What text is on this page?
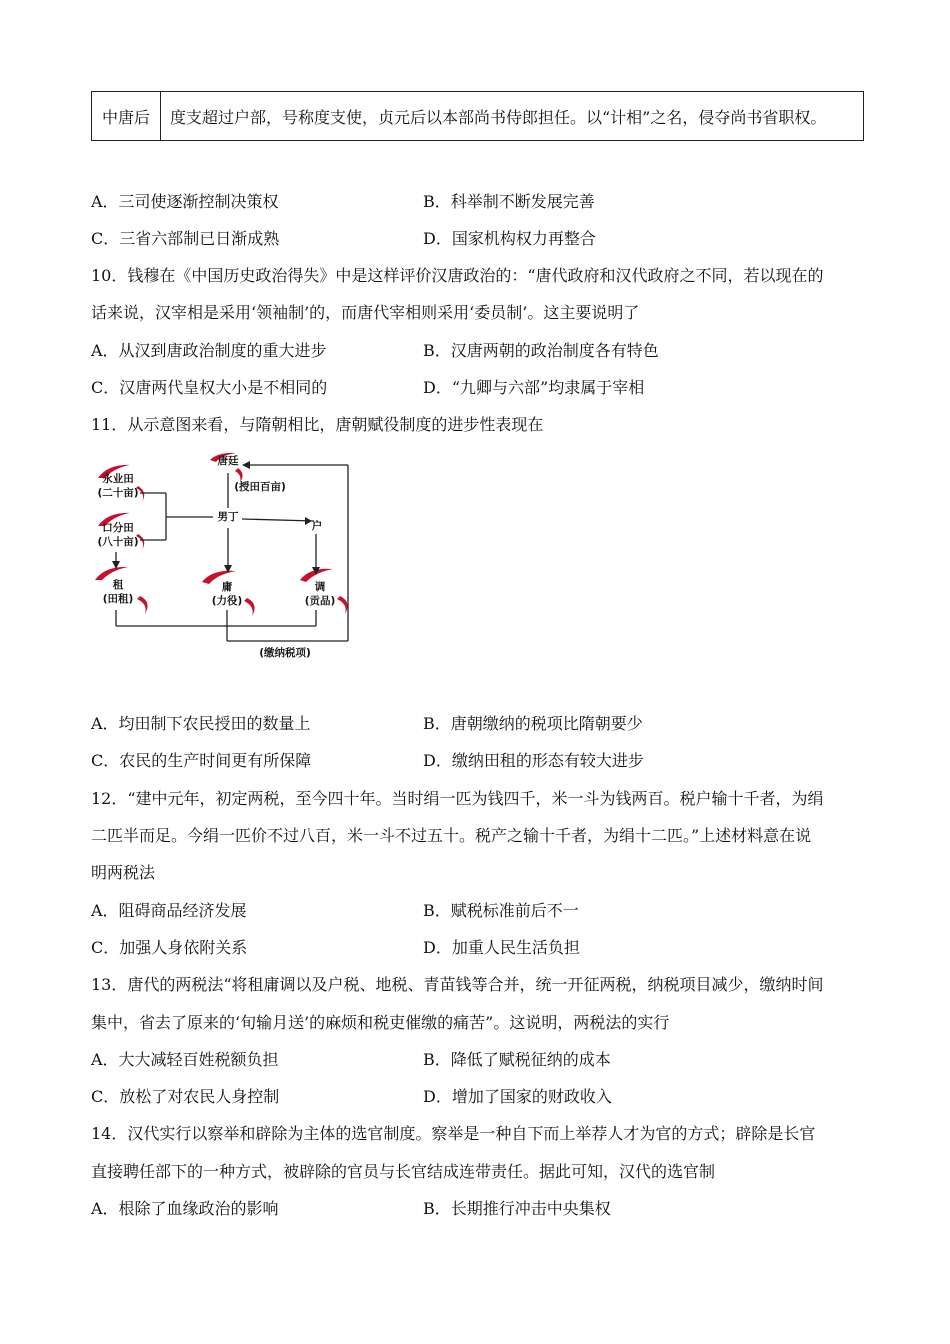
中唐后	度支超过户部，号称度支使，贞元后以本部尚书侍郎担任。以“计相”之名，侵夺尚书省职权。
A．三司使逐渐控制决策权	B．科举制不断发展完善
C．三省六部制已日渐成熟	D．国家机构权力再整合
10．钱穆在《中国历史政治得失》中是这样评价汉唐政治的：“唐代政府和汉代政府之不同，若以现在的
话来说，汉宰相是采用‘领袖制’的，而唐代宰相则采用‘委员制’。这主要说明了
A．从汉到唐政治制度的重大进步	B．汉唐两朝的政治制度各有特色
C．汉唐两代皇权大小是不相同的	D．“九卿与六部”均隶属于宰相
11．从示意图来看，与隋朝相比，唐朝赋役制度的进步性表现在
唐廷
(授田百亩)
永业田
(二十亩)
口分田
(八十亩)
男丁
户
租
(田租)
庸
(力役)
调
(贡品)
(缴纳税项)
A．均田制下农民授田的数量上	B．唐朝缴纳的税项比隋朝要少
C．农民的生产时间更有所保障	D．缴纳田租的形态有较大进步
12．“建中元年，初定两税，至今四十年。当时绢一匹为钱四千，米一斗为钱两百。税户输十千者，为绢
二匹半而足。今绢一匹价不过八百，米一斗不过五十。税产之输十千者，为绢十二匹。”上述材料意在说
明两税法
A．阻碍商品经济发展	B．赋税标准前后不一
C．加强人身依附关系	D．加重人民生活负担
13．唐代的两税法“将租庸调以及户税、地税、青苗钱等合并，统一开征两税，纳税项目减少，缴纳时间
集中，省去了原来的‘旬输月送’的麻烦和税吏催缴的痛苦”。这说明，两税法的实行
A．大大减轻百姓税额负担	B．降低了赋税征纳的成本
C．放松了对农民人身控制	D．增加了国家的财政收入
14．汉代实行以察举和辟除为主体的选官制度。察举是一种自下而上举荐人才为官的方式；辟除是长官
直接聘任部下的一种方式，被辟除的官员与长官结成连带责任。据此可知，汉代的选官制
A．根除了血缘政治的影响	B．长期推行冲击中央集权
